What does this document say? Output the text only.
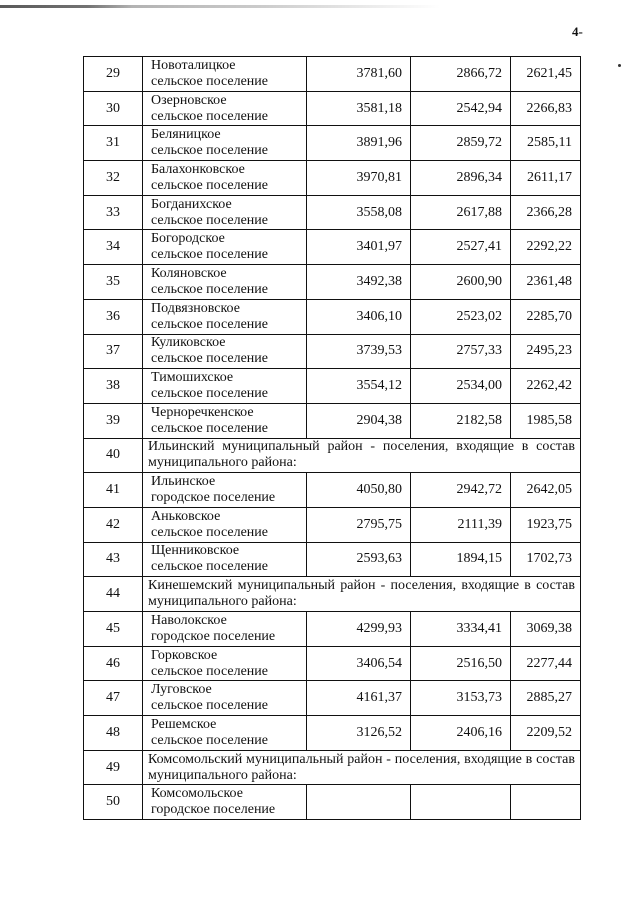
4-
29	Новоталицкое
сельское поселение	3781,60	2866,72	2621,45
30	Озерновское
сельское поселение	3581,18	2542,94	2266,83
31	Беляницкое
сельское поселение	3891,96	2859,72	2585,11
32	Балахонковское
сельское поселение	3970,81	2896,34	2611,17
33	Богданихское
сельское поселение	3558,08	2617,88	2366,28
34	Богородское
сельское поселение	3401,97	2527,41	2292,22
35	Коляновское
сельское поселение	3492,38	2600,90	2361,48
36	Подвязновское
сельское поселение	3406,10	2523,02	2285,70
37	Куликовское
сельское поселение	3739,53	2757,33	2495,23
38	Тимошихское
сельское поселение	3554,12	2534,00	2262,42
39	Черноречкенское
сельское поселение	2904,38	2182,58	1985,58
40	Ильинский муниципальный район - поселения, входящие в состав муниципального района:			
41	Ильинское
городское поселение	4050,80	2942,72	2642,05
42	Аньковское
сельское поселение	2795,75	2111,39	1923,75
43	Щенниковское
сельское поселение	2593,63	1894,15	1702,73
44	Кинешемский муниципальный район - поселения, входящие в состав муниципального района:			
45	Наволокское
городское поселение	4299,93	3334,41	3069,38
46	Горковское
сельское поселение	3406,54	2516,50	2277,44
47	Луговское
сельское поселение	4161,37	3153,73	2885,27
48	Решемское
сельское поселение	3126,52	2406,16	2209,52
49	Комсомольский муниципальный район - поселения, входящие в состав муниципального района:			
50	Комсомольское
городское поселение			
